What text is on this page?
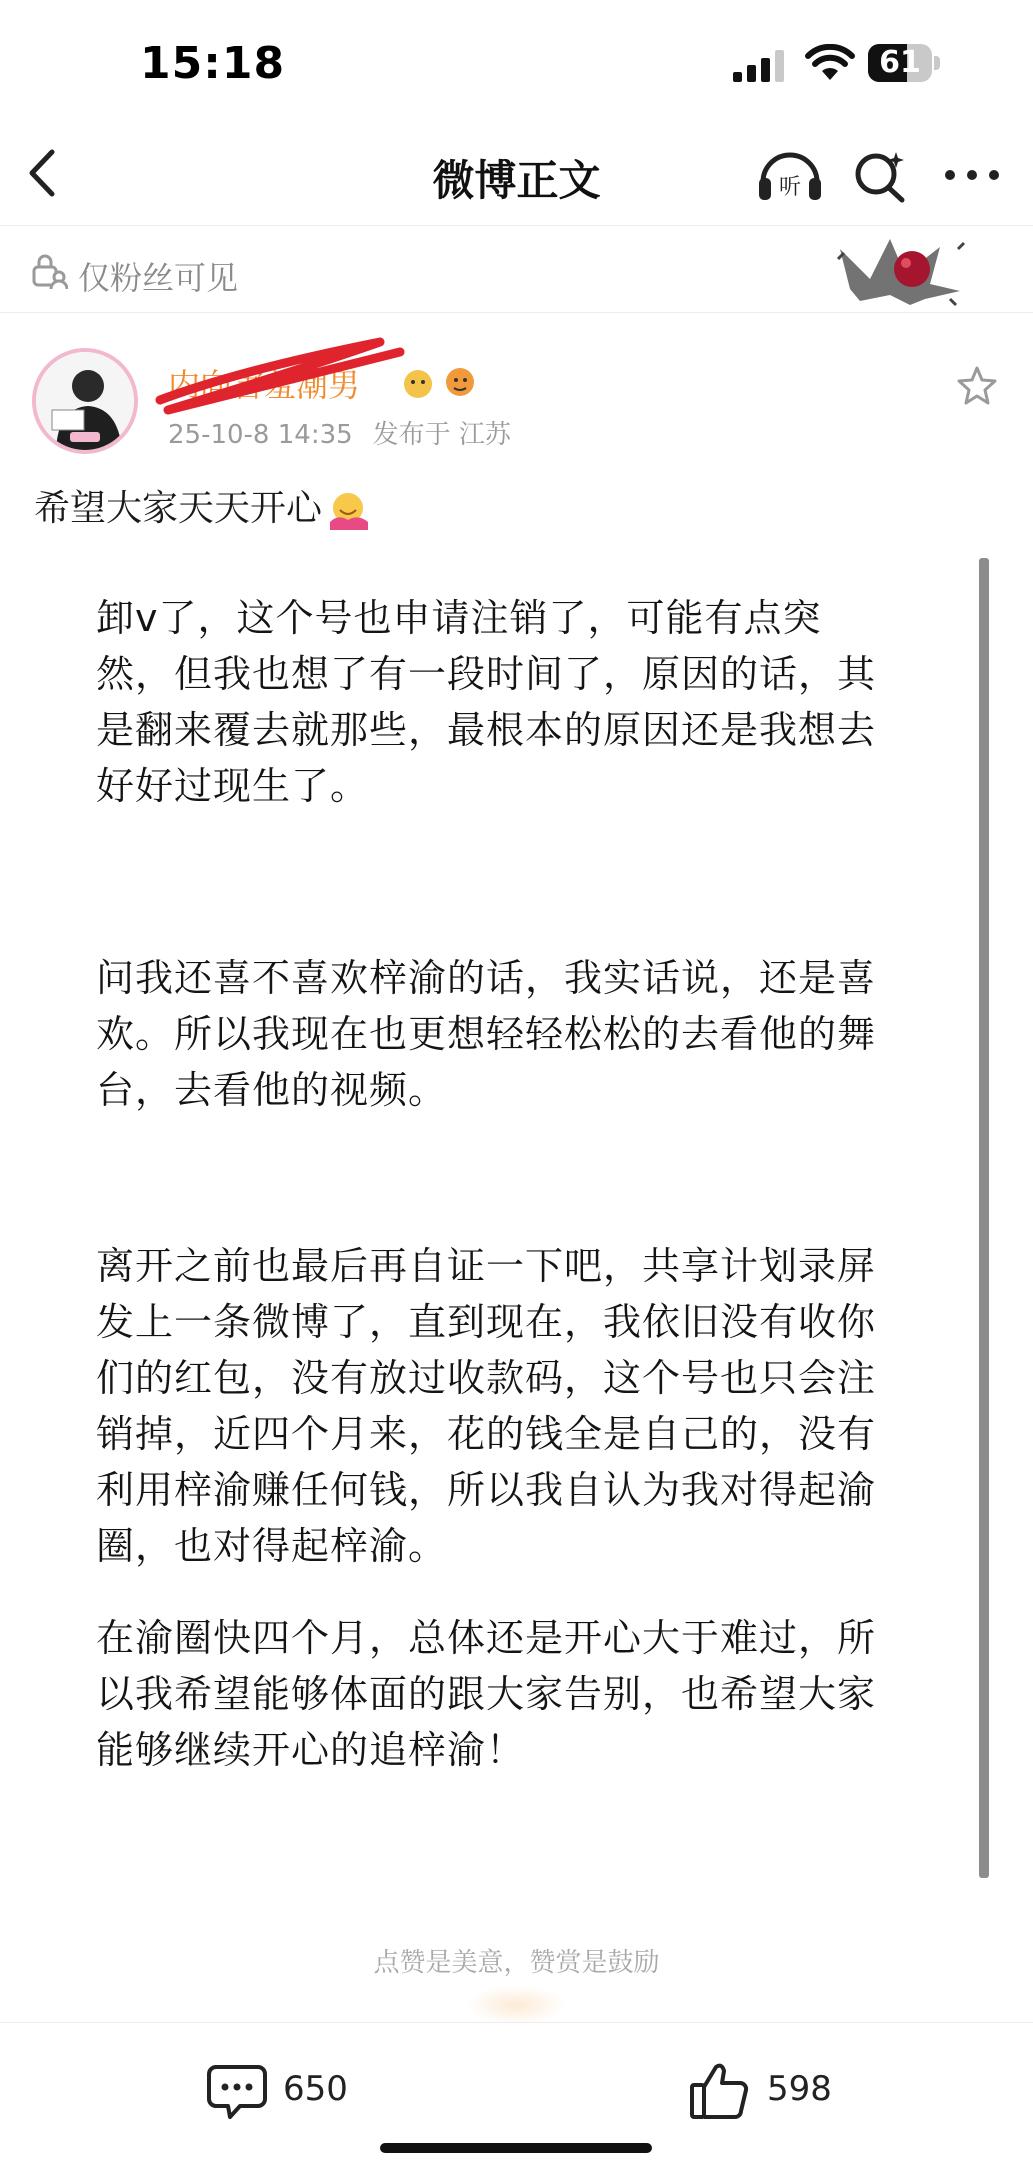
15:18	61
微博正文	听
仅粉丝可见
内向害羞潮男
25-10-8 14:35 发布于 江苏
希望大家天天开心
卸v了，这个号也申请注销了，可能有点突
然，但我也想了有一段时间了，原因的话，其
是翻来覆去就那些，最根本的原因还是我想去
好好过现生了。
问我还喜不喜欢梓渝的话，我实话说，还是喜
欢。所以我现在也更想轻轻松松的去看他的舞
台，去看他的视频。
离开之前也最后再自证一下吧，共享计划录屏
发上一条微博了，直到现在，我依旧没有收你
们的红包，没有放过收款码，这个号也只会注
销掉，近四个月来，花的钱全是自己的，没有
利用梓渝赚任何钱，所以我自认为我对得起渝
圈，也对得起梓渝。
在渝圈快四个月，总体还是开心大于难过，所
以我希望能够体面的跟大家告别，也希望大家
能够继续开心的追梓渝！
点赞是美意，赞赏是鼓励
650	598
